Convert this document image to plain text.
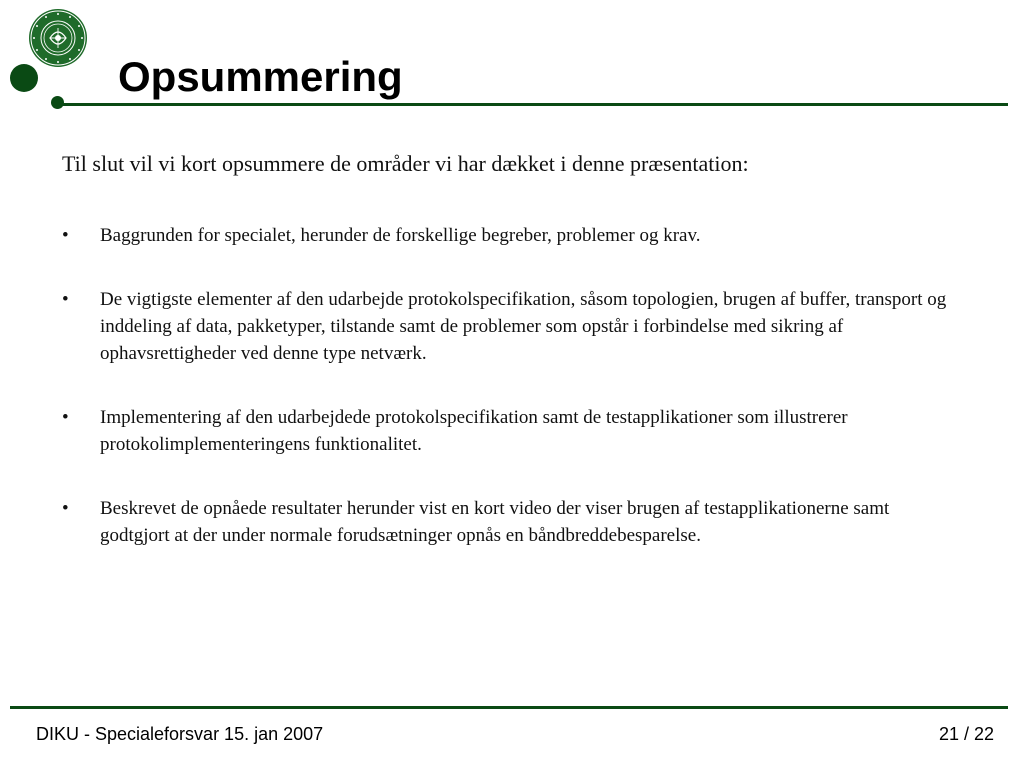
Opsummering

Til slut vil vi kort opsummere de områder vi har dækket i denne præsentation:

•	Baggrunden for specialet, herunder de forskellige begreber, problemer og krav.
•	De vigtigste elementer af den udarbejde protokolspecifikation, såsom topologien, brugen af buffer, transport og inddeling af data, pakketyper, tilstande samt de problemer som opstår i forbindelse med sikring af ophavsrettigheder ved denne type netværk.
•	Implementering af den udarbejdede protokolspecifikation samt de testapplikationer som illustrerer protokolimplementeringens funktionalitet.
•	Beskrevet de opnåede resultater herunder vist en kort video der viser brugen af testapplikationerne samt godtgjort at der under normale forudsætninger opnås en båndbreddebesparelse.
DIKU - Specialeforsvar 15. jan 2007	21 / 22
